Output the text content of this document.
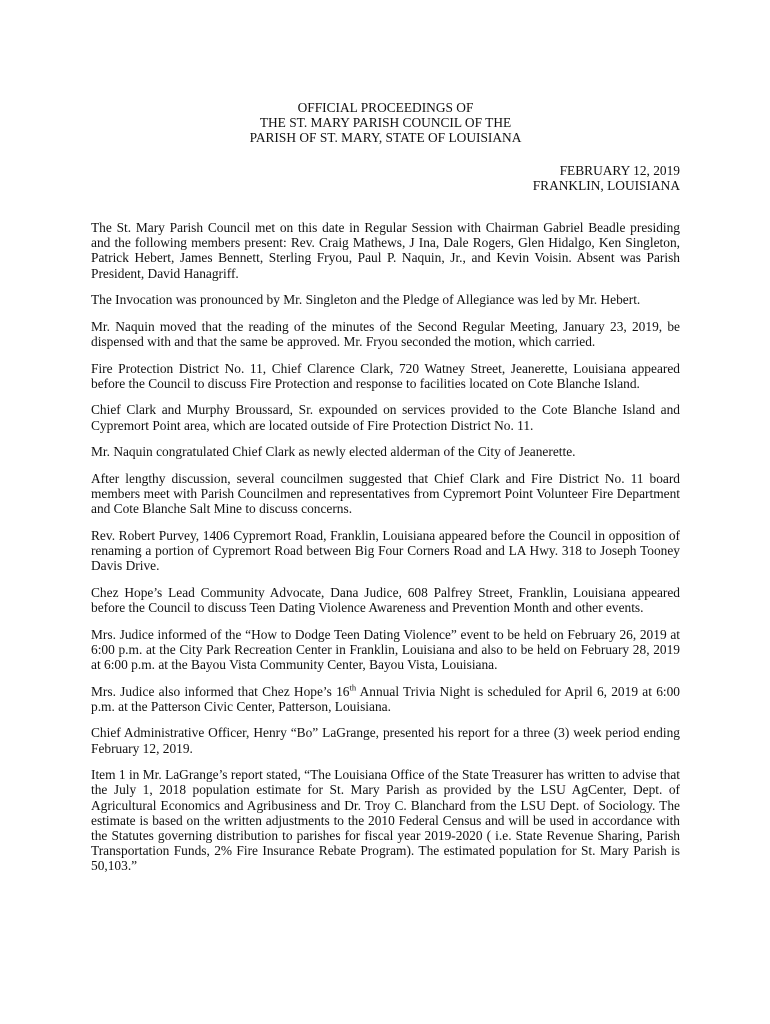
OFFICIAL PROCEEDINGS OF
THE ST. MARY PARISH COUNCIL OF THE
PARISH OF ST. MARY, STATE OF LOUISIANA
FEBRUARY 12, 2019
FRANKLIN, LOUISIANA

The St. Mary Parish Council met on this date in Regular Session with Chairman Gabriel Beadle presiding and the following members present: Rev. Craig Mathews, J Ina, Dale Rogers, Glen Hidalgo, Ken Singleton, Patrick Hebert, James Bennett, Sterling Fryou, Paul P. Naquin, Jr., and Kevin Voisin. Absent was Parish President, David Hanagriff.

The Invocation was pronounced by Mr. Singleton and the Pledge of Allegiance was led by Mr. Hebert.

Mr. Naquin moved that the reading of the minutes of the Second Regular Meeting, January 23, 2019, be dispensed with and that the same be approved. Mr. Fryou seconded the motion, which carried.

Fire Protection District No. 11, Chief Clarence Clark, 720 Watney Street, Jeanerette, Louisiana appeared before the Council to discuss Fire Protection and response to facilities located on Cote Blanche Island.

Chief Clark and Murphy Broussard, Sr. expounded on services provided to the Cote Blanche Island and Cypremort Point area, which are located outside of Fire Protection District No. 11.

Mr. Naquin congratulated Chief Clark as newly elected alderman of the City of Jeanerette.

After lengthy discussion, several councilmen suggested that Chief Clark and Fire District No. 11 board members meet with Parish Councilmen and representatives from Cypremort Point Volunteer Fire Department and Cote Blanche Salt Mine to discuss concerns.

Rev. Robert Purvey, 1406 Cypremort Road, Franklin, Louisiana appeared before the Council in opposition of renaming a portion of Cypremort Road between Big Four Corners Road and LA Hwy. 318 to Joseph Tooney Davis Drive.

Chez Hope’s Lead Community Advocate, Dana Judice, 608 Palfrey Street, Franklin, Louisiana appeared before the Council to discuss Teen Dating Violence Awareness and Prevention Month and other events.

Mrs. Judice informed of the “How to Dodge Teen Dating Violence” event to be held on February 26, 2019 at 6:00 p.m. at the City Park Recreation Center in Franklin, Louisiana and also to be held on February 28, 2019 at 6:00 p.m. at the Bayou Vista Community Center, Bayou Vista, Louisiana.

Mrs. Judice also informed that Chez Hope’s 16th Annual Trivia Night is scheduled for April 6, 2019 at 6:00 p.m. at the Patterson Civic Center, Patterson, Louisiana.

Chief Administrative Officer, Henry “Bo” LaGrange, presented his report for a three (3) week period ending February 12, 2019.

Item 1 in Mr. LaGrange’s report stated, “The Louisiana Office of the State Treasurer has written to advise that the July 1, 2018 population estimate for St. Mary Parish as provided by the LSU AgCenter, Dept. of Agricultural Economics and Agribusiness and Dr. Troy C. Blanchard from the LSU Dept. of Sociology. The estimate is based on the written adjustments to the 2010 Federal Census and will be used in accordance with the Statutes governing distribution to parishes for fiscal year 2019-2020 ( i.e. State Revenue Sharing, Parish Transportation Funds, 2% Fire Insurance Rebate Program). The estimated population for St. Mary Parish is 50,103.”
